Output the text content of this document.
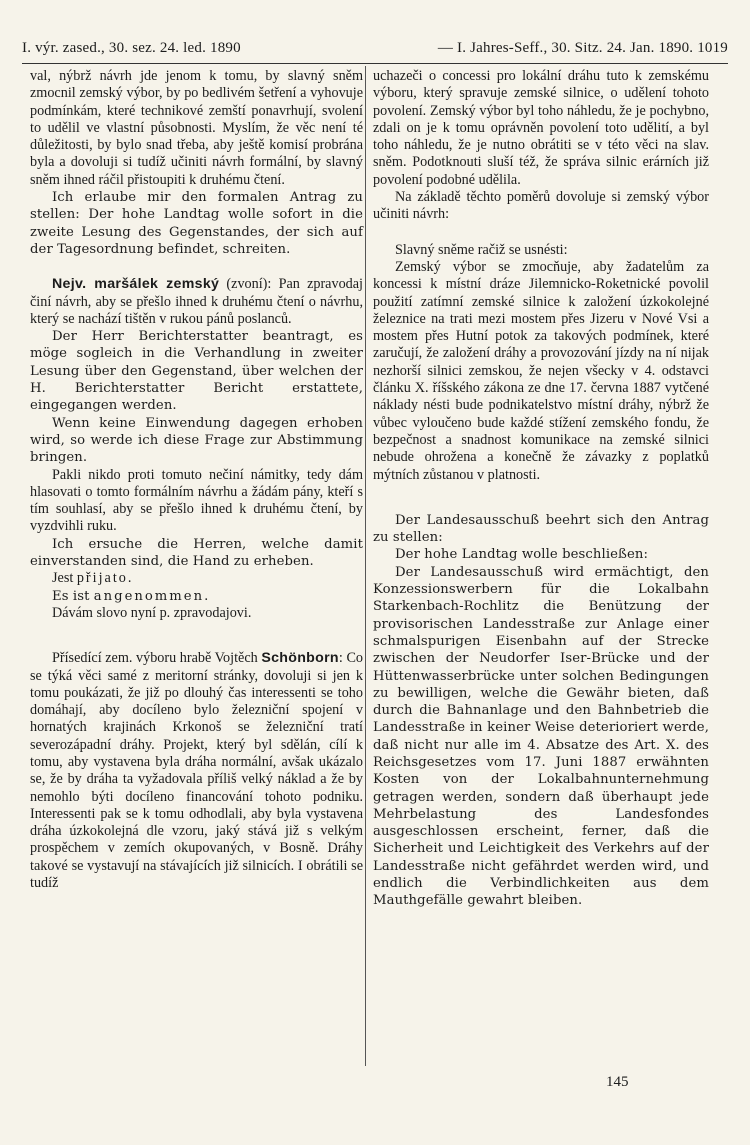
I. výr. zased., 30. sez. 24. led. 1890	— I. Jahres-Seff., 30. Sitz. 24. Jan. 1890. 1019

val, nýbrž návrh jde jenom k tomu, by slavný sněm zmocnil zemský výbor, by po bedlivém šetření a vyhovuje podmínkám, které technikové zemští ponavrhují, svolení to udělil ve vlastní působnosti. Myslím, že věc není té důležitosti, by bylo snad třeba, aby ještě komisí probrána byla a dovoluji si tudíž učiniti návrh formální, by slavný sněm ihned ráčil přistoupiti k druhému čtení.

Ich erlaube mir den formalen Antrag zu stellen: Der hohe Landtag wolle sofort in die zweite Lesung des Gegenstandes, der sich auf der Tagesordnung befindet, schreiten.

Nejv. maršálek zemský (zvoní): Pan zpravodaj činí návrh, aby se přešlo ihned k druhému čtení o návrhu, který se nachází tištěn v rukou pánů poslanců.

Der Herr Berichterstatter beantragt, es möge sogleich in die Verhandlung in zweiter Lesung über den Gegenstand, über welchen der H. Berichterstatter Bericht erstattete, eingegangen werden.

Wenn keine Einwendung dagegen erhoben wird, so werde ich diese Frage zur Abstimmung bringen.

Pakli nikdo proti tomuto nečiní námitky, tedy dám hlasovati o tomto formálním návrhu a žádám pány, kteří s tím souhlasí, aby se přešlo ihned k druhému čtení, by vyzdvihli ruku.

Ich ersuche die Herren, welche damit einverstanden sind, die Hand zu erheben.

Jest přijato.

Es ist angenommen.

Dávám slovo nyní p. zpravodajovi.

Přísedící zem. výboru hrabě Vojtěch Schönborn: Co se týká věci samé z meritorní stránky, dovoluji si jen k tomu poukázati, že již po dlouhý čas interessenti se toho domáhají, aby docíleno bylo železniční spojení v hornatých krajinách Krkonoš se železniční tratí severozápadní dráhy. Projekt, který byl sdělán, cílí k tomu, aby vystavena byla dráha normální, avšak ukázalo se, že by dráha ta vyžadovala příliš velký náklad a že by nemohlo býti docíleno financování tohoto podniku. Interessenti pak se k tomu odhodlali, aby byla vystavena dráha úzkokolejná dle vzoru, jaký stává již s velkým prospěchem v zemích okupovaných, v Bosně. Dráhy takové se vystavují na stávajících již silnicích. I obrátili se tudíž

uchazeči o concessi pro lokální dráhu tuto k zemskému výboru, který spravuje zemské silnice, o udělení tohoto povolení. Zemský výbor byl toho náhledu, že je pochybno, zdali on je k tomu oprávněn povolení toto udělití, a byl toho náhledu, že je nutno obrátiti se v této věci na slav. sněm. Podotknouti sluší též, že správa silnic erárních již povolení podobné udělila.

Na základě těchto poměrů dovoluje si zemský výbor učiniti návrh:

Slavný sněme račiž se usnésti:

Zemský výbor se zmocňuje, aby žadatelům za koncessi k místní dráze Jilemnicko-Roketnické povolil použití zatímní zemské silnice k založení úzkokolejné železnice na trati mezi mostem přes Jizeru v Nové Vsi a mostem přes Hutní potok za takových podmínek, které zaručují, že založení dráhy a provozování jízdy na ní nijak nezhorší silnici zemskou, že nejen všecky v 4. odstavci článku X. říšského zákona ze dne 17. června 1887 vytčené náklady nésti bude podnikatelstvo místní dráhy, nýbrž že vůbec vyloučeno bude každé stížení zemského fondu, že bezpečnost a snadnost komunikace na zemské silnici nebude ohrožena a konečně že závazky z poplatků mýtních zůstanou v platnosti.

Der Landesausschuß beehrt sich den Antrag zu stellen:

Der hohe Landtag wolle beschließen:

Der Landesausschuß wird ermächtigt, den Konzessionswerbern für die Lokalbahn Starkenbach-Rochlitz die Benützung der provisorischen Landesstraße zur Anlage einer schmalspurigen Eisenbahn auf der Strecke zwischen der Neudorfer Iser-Brücke und der Hüttenwasserbrücke unter solchen Bedingungen zu bewilligen, welche die Gewähr bieten, daß durch die Bahnanlage und den Bahnbetrieb die Landesstraße in keiner Weise deterioriert werde, daß nicht nur alle im 4. Absatze des Art. X. des Reichsgesetzes vom 17. Juni 1887 erwähnten Kosten von der Lokalbahnunternehmung getragen werden, sondern daß überhaupt jede Mehrbelastung des Landesfondes ausgeschlossen erscheint, ferner, daß die Sicherheit und Leichtigkeit des Verkehrs auf der Landesstraße nicht gefährdet werden wird, und endlich die Verbindlichkeiten aus dem Mauthgefälle gewahrt bleiben.

145
